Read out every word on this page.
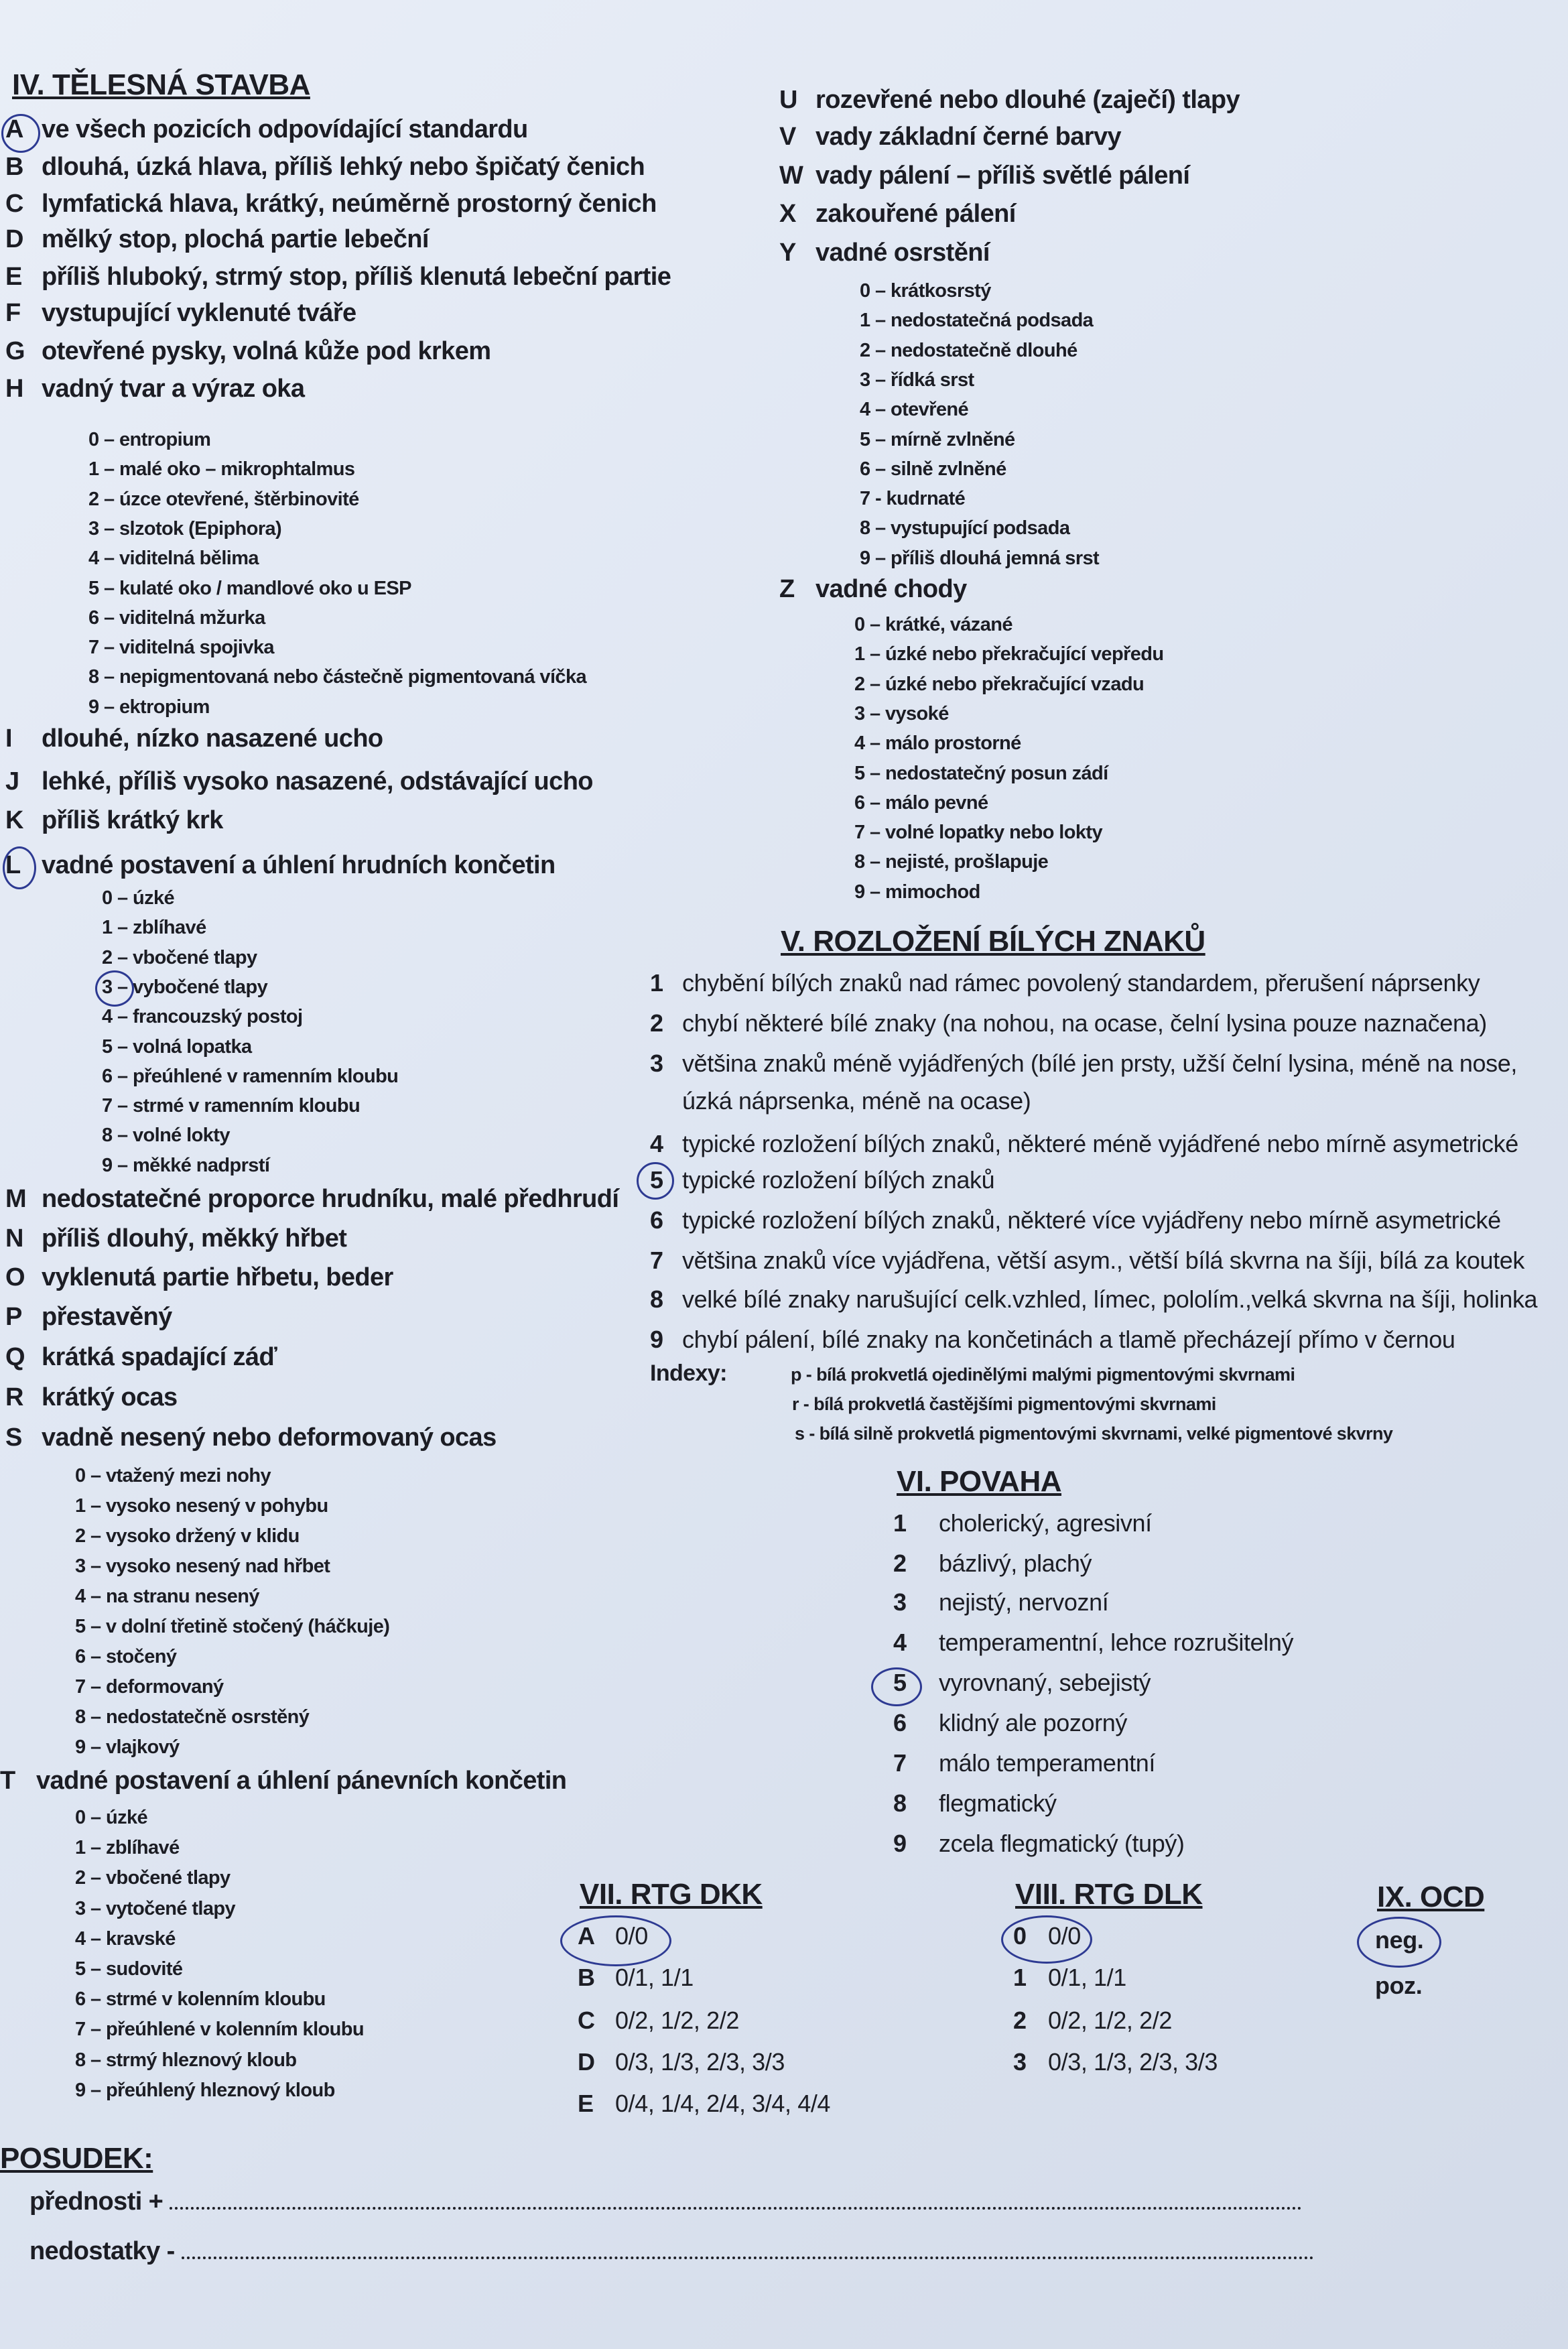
IV. TĚLESNÁ STAVBA
A ve všech pozicích odpovídající standardu
B dlouhá, úzká hlava, příliš lehký nebo špičatý čenich
C lymfatická hlava, krátký, neúměrně prostorný čenich
D mělký stop, plochá partie lebeční
E příliš hluboký, strmý stop, příliš klenutá lebeční partie
F vystupující vyklenuté tváře
G otevřené pysky, volná kůže pod krkem
H vadný tvar a výraz oka
0 – entropium
1 – malé oko – mikrophtalmus
2 – úzce otevřené, štěrbinovité
3 – slzotok (Epiphora)
4 – viditelná bělima
5 – kulaté oko / mandlové oko u ESP
6 – viditelná mžurka
7 – viditelná spojivka
8 – nepigmentovaná nebo částečně pigmentovaná víčka
9 – ektropium
I dlouhé, nízko nasazené ucho
J lehké, příliš vysoko nasazené, odstávající ucho
K příliš krátký krk
L vadné postavení a úhlení hrudních končetin
0 – úzké
1 – zblíhavé
2 – vbočené tlapy
3 – vybočené tlapy
4 – francouzský postoj
5 – volná lopatka
6 – přeúhlené v ramenním kloubu
7 – strmé v ramenním kloubu
8 – volné lokty
9 – měkké nadprstí
M nedostatečné proporce hrudníku, malé předhrudí
N příliš dlouhý, měkký hřbet
O vyklenutá partie hřbetu, beder
P přestavěný
Q krátká spadající záď
R krátký ocas
S vadně nesený nebo deformovaný ocas
0 – vtažený mezi nohy
1 – vysoko nesený v pohybu
2 – vysoko držený v klidu
3 – vysoko nesený nad hřbet
4 – na stranu nesený
5 – v dolní třetině stočený (háčkuje)
6 – stočený
7 – deformovaný
8 – nedostatečně osrstěný
9 – vlajkový
T vadné postavení a úhlení pánevních končetin
0 – úzké
1 – zblíhavé
2 – vbočené tlapy
3 – vytočené tlapy
4 – kravské
5 – sudovité
6 – strmé v kolenním kloubu
7 – přeúhlené v kolenním kloubu
8 – strmý hleznový kloub
9 – přeúhlený hleznový kloub
U rozevřené nebo dlouhé (zaječí) tlapy
V vady základní černé barvy
W vady pálení – příliš světlé pálení
X zakouřené pálení
Y vadné osrstění
0 – krátkosrstý
1 – nedostatečná podsada
2 – nedostatečně dlouhé
3 – řídká srst
4 – otevřené
5 – mírně zvlněné
6 – silně zvlněné
7 - kudrnaté
8 – vystupující podsada
9 – příliš dlouhá jemná srst
Z vadné chody
0 – krátké, vázané
1 – úzké nebo překračující vepředu
2 – úzké nebo překračující vzadu
3 – vysoké
4 – málo prostorné
5 – nedostatečný posun zádí
6 – málo pevné
7 – volné lopatky nebo lokty
8 – nejisté, prošlapuje
9 – mimochod
V. ROZLOŽENÍ BÍLÝCH ZNAKŮ
1 chybění bílých znaků nad rámec povolený standardem, přerušení náprsenky
2 chybí některé bílé znaky (na nohou, na ocase, čelní lysina pouze naznačena)
3 většina znaků méně vyjádřených (bílé jen prsty, užší čelní lysina, méně na nose,
úzká náprsenka, méně na ocase)
4 typické rozložení bílých znaků, některé méně vyjádřené nebo mírně asymetrické
5 typické rozložení bílých znaků
6 typické rozložení bílých znaků, některé více vyjádřeny nebo mírně asymetrické
7 většina znaků více vyjádřena, větší asym., větší bílá skvrna na šíji, bílá za koutek
8 velké bílé znaky narušující celk.vzhled, límec, pololím.,velká skvrna na šíji, holinka
9 chybí pálení, bílé znaky na končetinách a tlamě přecházejí přímo v černou
Indexy:	p - bílá prokvetlá ojedinělými malými pigmentovými skvrnami
r - bílá prokvetlá častějšími pigmentovými skvrnami
s - bílá silně prokvetlá pigmentovými skvrnami, velké pigmentové skvrny
VI. POVAHA
1 cholerický, agresivní
2 bázlivý, plachý
3 nejistý, nervozní
4 temperamentní, lehce rozrušitelný
5 vyrovnaný, sebejistý
6 klidný ale pozorný
7 málo temperamentní
8 flegmatický
9 zcela flegmatický (tupý)
VII. RTG DKK
A 0/0
B 0/1, 1/1
C 0/2, 1/2, 2/2
D 0/3, 1/3, 2/3, 3/3
E 0/4, 1/4, 2/4, 3/4, 4/4
VIII. RTG DLK
0 0/0
1 0/1, 1/1
2 0/2, 1/2, 2/2
3 0/3, 1/3, 2/3, 3/3
IX. OCD
neg.
poz.
POSUDEK:
přednosti +
nedostatky -
